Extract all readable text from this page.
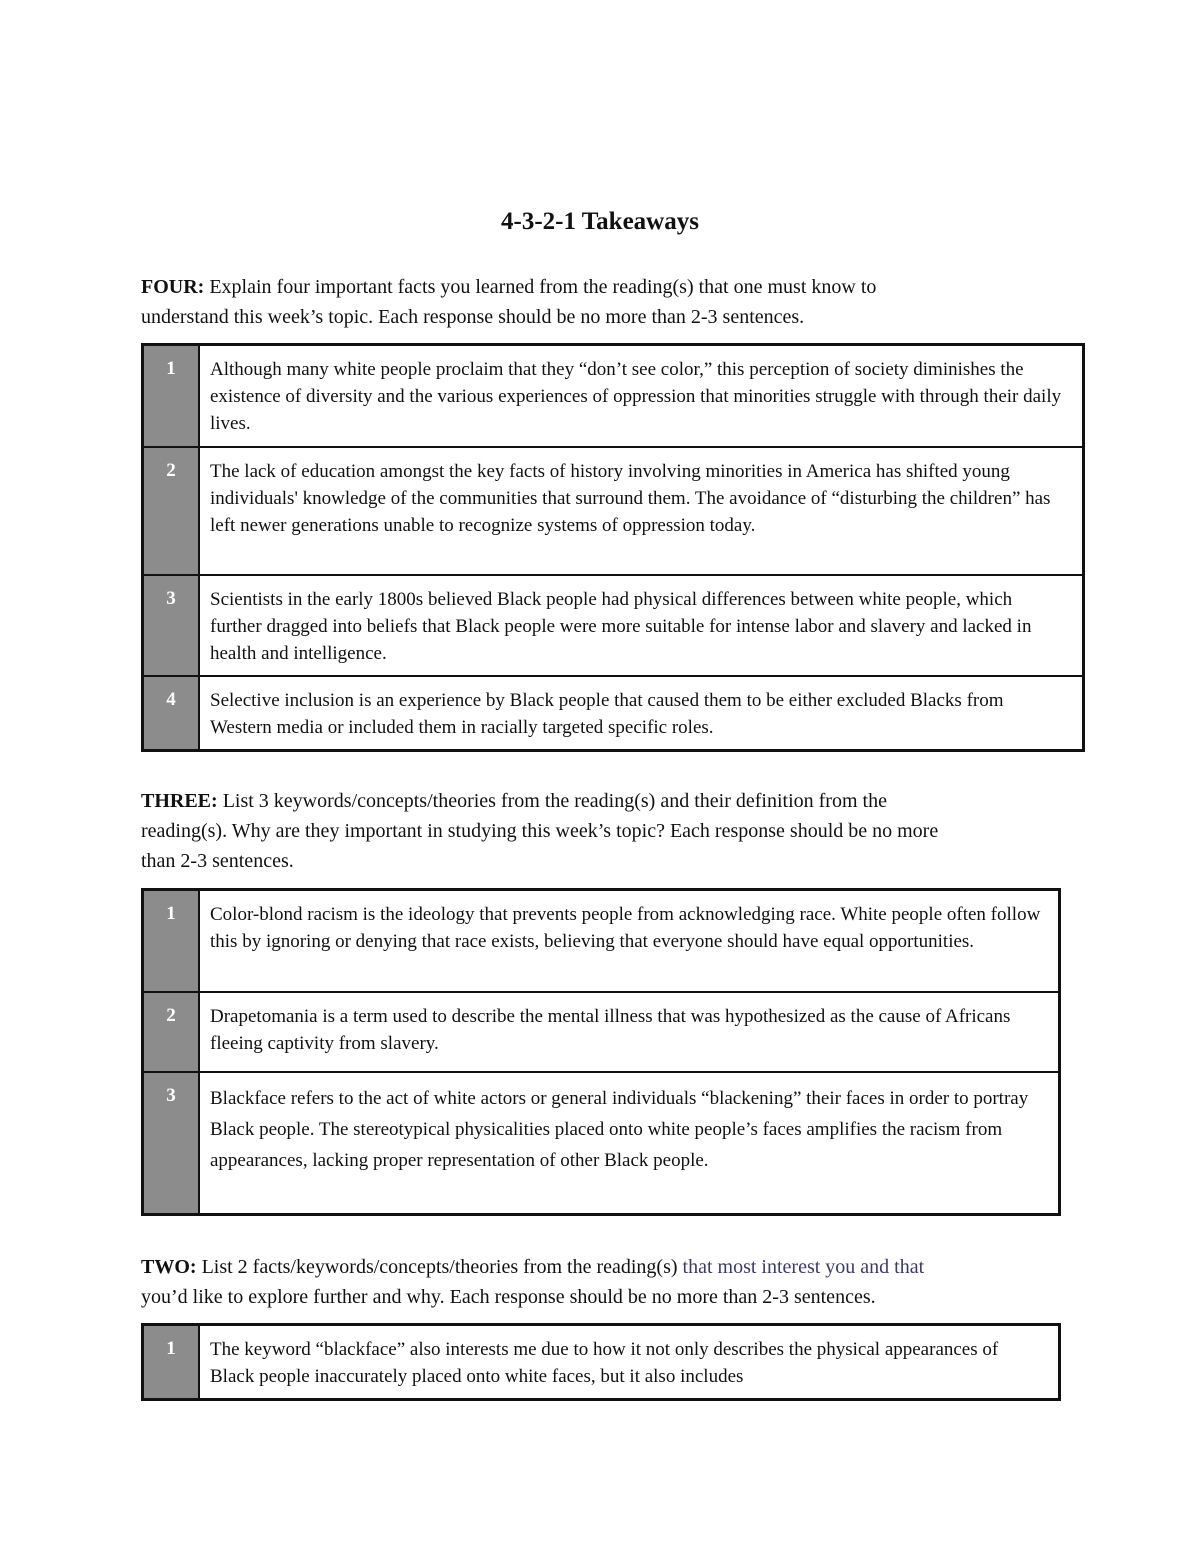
4-3-2-1 Takeaways
FOUR: Explain four important facts you learned from the reading(s) that one must know to
understand this week’s topic. Each response should be no more than 2-3 sentences.
1	Although many white people proclaim that they “don’t see color,” this perception of society diminishes the existence of diversity and the various experiences of oppression that minorities struggle with through their daily lives.
2	The lack of education amongst the key facts of history involving minorities in America has shifted young individuals' knowledge of the communities that surround them. The avoidance of “disturbing the children” has left newer generations unable to recognize systems of oppression today.
3	Scientists in the early 1800s believed Black people had physical differences between white people, which further dragged into beliefs that Black people were more suitable for intense labor and slavery and lacked in health and intelligence.
4	Selective inclusion is an experience by Black people that caused them to be either excluded Blacks from Western media or included them in racially targeted specific roles.
THREE: List 3 keywords/concepts/theories from the reading(s) and their definition from the
reading(s). Why are they important in studying this week’s topic? Each response should be no more
than 2-3 sentences.
1	Color-blond racism is the ideology that prevents people from acknowledging race. White people often follow this by ignoring or denying that race exists, believing that everyone should have equal opportunities.
2	Drapetomania is a term used to describe the mental illness that was hypothesized as the cause of Africans fleeing captivity from slavery.
3	Blackface refers to the act of white actors or general individuals “blackening” their faces in order to portray Black people. The stereotypical physicalities placed onto white people’s faces amplifies the racism from appearances, lacking proper representation of other Black people.
TWO: List 2 facts/keywords/concepts/theories from the reading(s) that most interest you and that
you’d like to explore further and why. Each response should be no more than 2-3 sentences.
1	The keyword “blackface” also interests me due to how it not only describes the physical appearances of Black people inaccurately placed onto white faces, but it also includes
